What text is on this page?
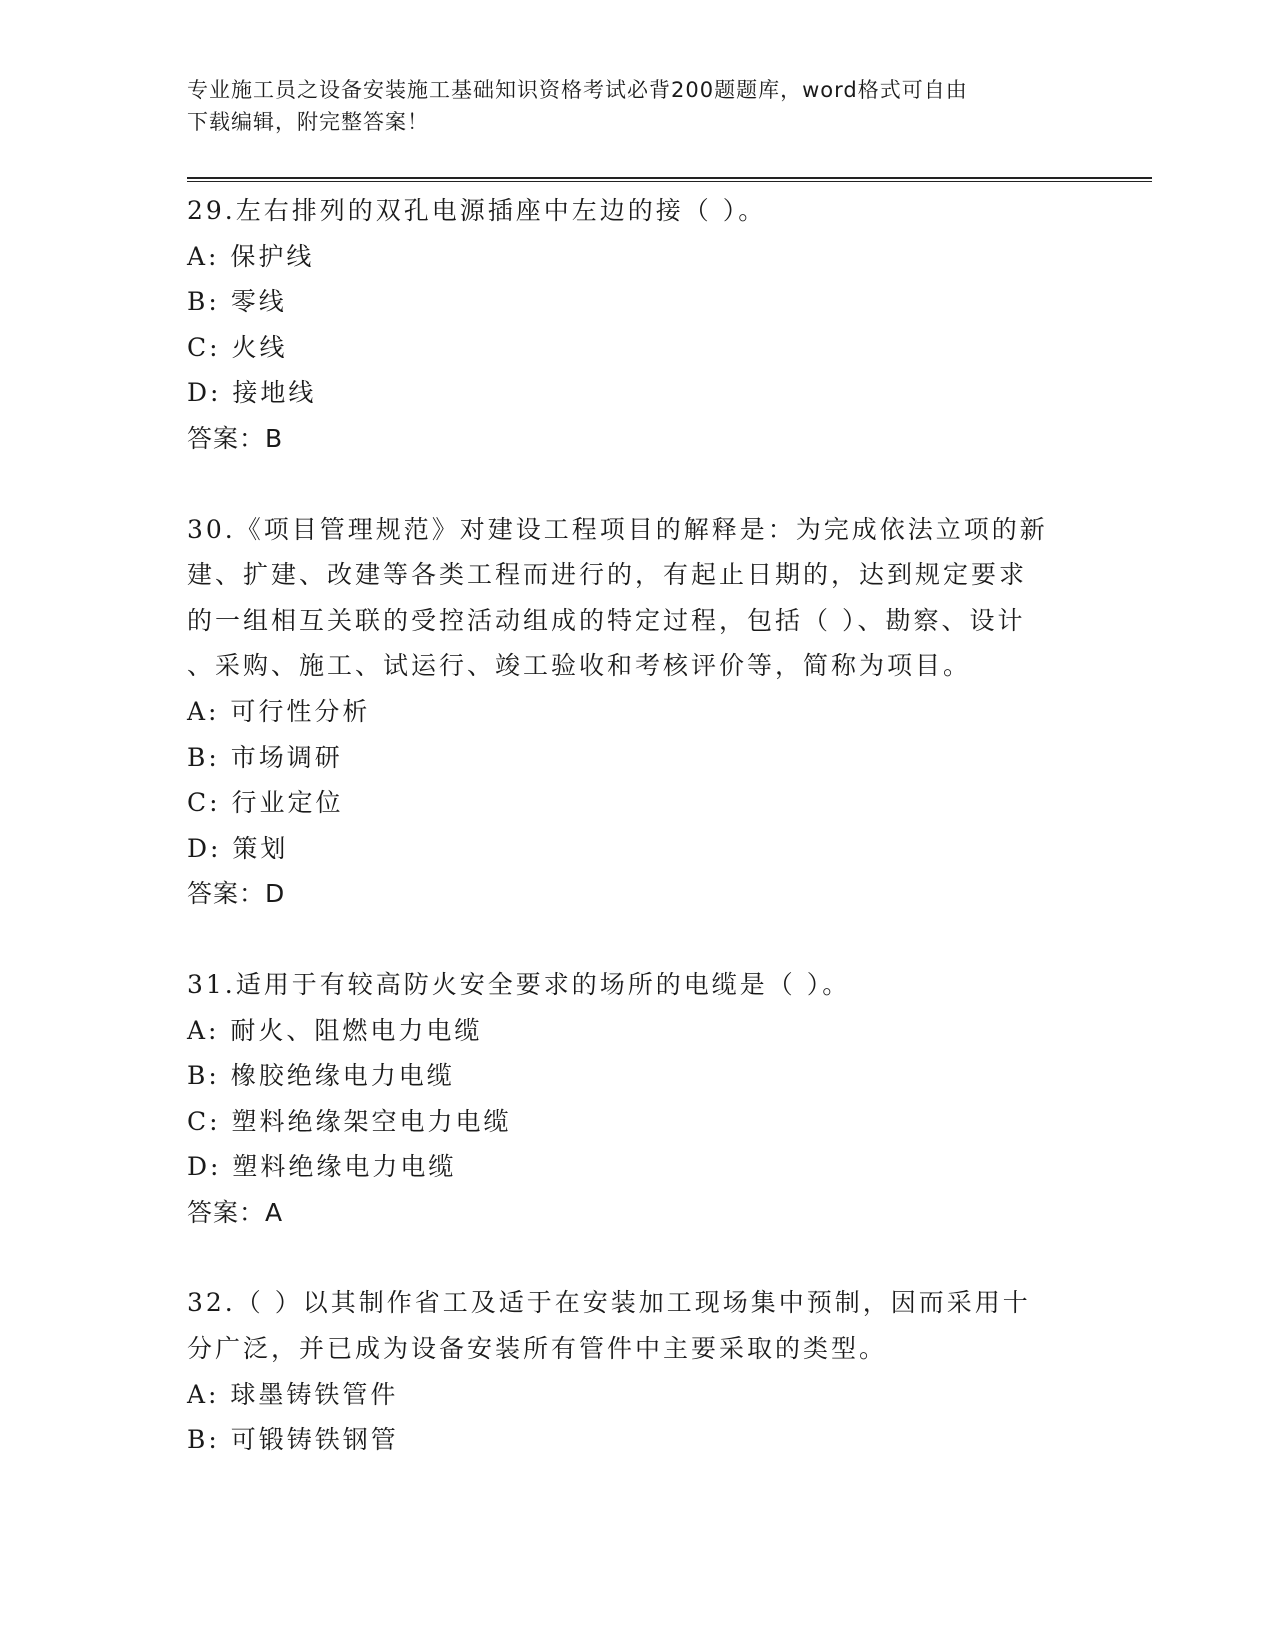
专业施工员之设备安装施工基础知识资格考试必背200题题库，word格式可自由
下载编辑，附完整答案！
29.左右排列的双孔电源插座中左边的接（ ）。
A: 保护线
B: 零线
C: 火线
D: 接地线
答案：B
30.《项目管理规范》对建设工程项目的解释是：为完成依法立项的新
建、扩建、改建等各类工程而进行的，有起止日期的，达到规定要求
的一组相互关联的受控活动组成的特定过程，包括（ ）、勘察、设计
、采购、施工、试运行、竣工验收和考核评价等，简称为项目。
A: 可行性分析
B: 市场调研
C: 行业定位
D: 策划
答案：D
31.适用于有较高防火安全要求的场所的电缆是（ ）。
A: 耐火、阻燃电力电缆
B: 橡胶绝缘电力电缆
C: 塑料绝缘架空电力电缆
D: 塑料绝缘电力电缆
答案：A
32.（ ）以其制作省工及适于在安装加工现场集中预制，因而采用十
分广泛，并已成为设备安装所有管件中主要采取的类型。
A: 球墨铸铁管件
B: 可锻铸铁钢管
